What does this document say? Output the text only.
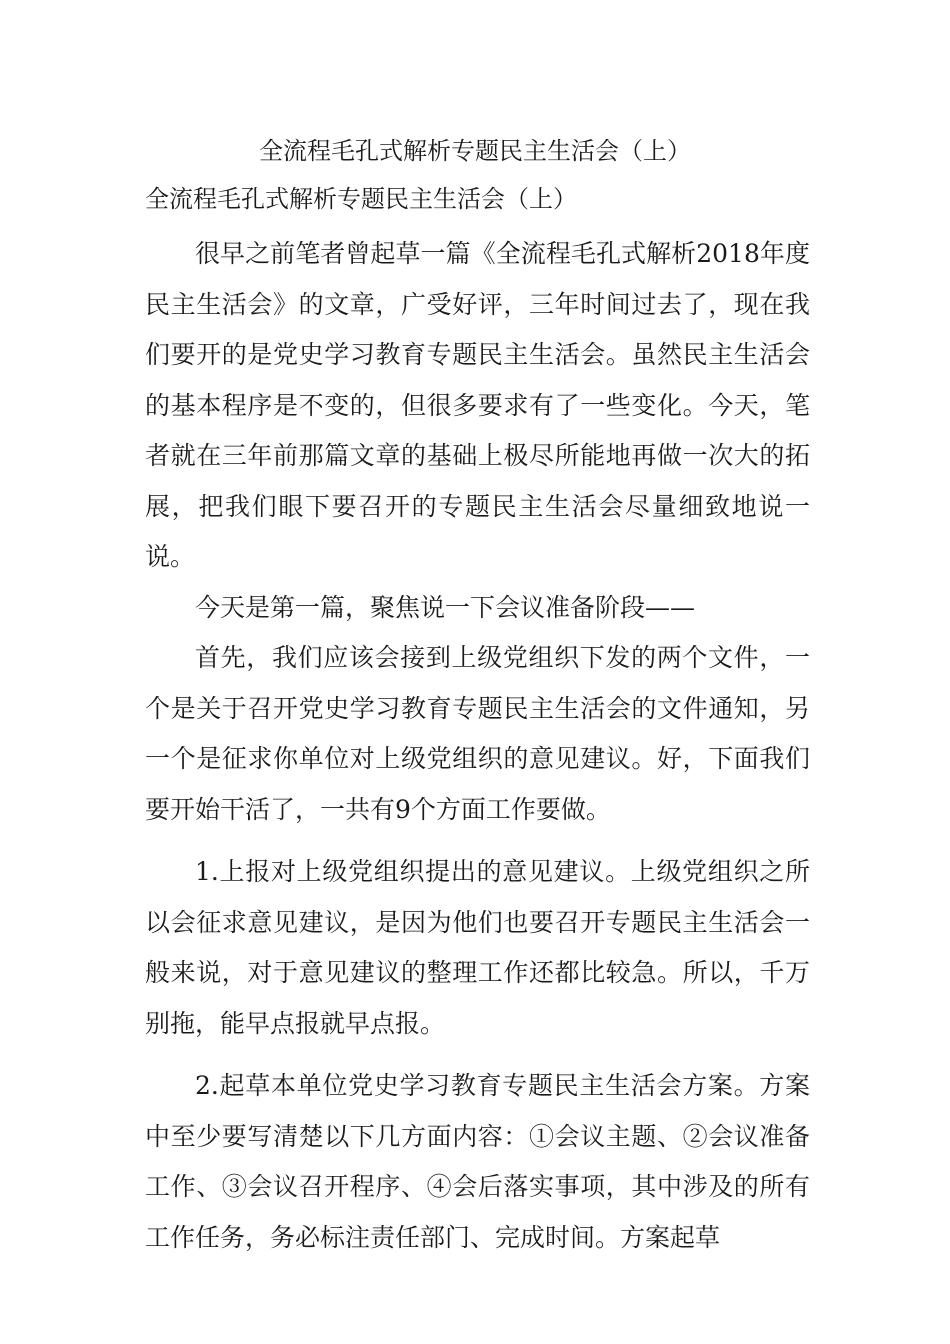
全流程毛孔式解析专题民主生活会（上）
全流程毛孔式解析专题民主生活会（上）

很早之前笔者曾起草一篇《全流程毛孔式解析2018年度民主生活会》的文章，广受好评，三年时间过去了，现在我们要开的是党史学习教育专题民主生活会。虽然民主生活会的基本程序是不变的，但很多要求有了一些变化。今天，笔者就在三年前那篇文章的基础上极尽所能地再做一次大的拓展，把我们眼下要召开的专题民主生活会尽量细致地说一说。

今天是第一篇，聚焦说一下会议准备阶段——

首先，我们应该会接到上级党组织下发的两个文件，一个是关于召开党史学习教育专题民主生活会的文件通知，另一个是征求你单位对上级党组织的意见建议。好，下面我们要开始干活了，一共有9个方面工作要做。

1.上报对上级党组织提出的意见建议。上级党组织之所以会征求意见建议，是因为他们也要召开专题民主生活会一般来说，对于意见建议的整理工作还都比较急。所以，千万别拖，能早点报就早点报。

2.起草本单位党史学习教育专题民主生活会方案。方案中至少要写清楚以下几方面内容：①会议主题、②会议准备工作、③会议召开程序、④会后落实事项，其中涉及的所有工作任务，务必标注责任部门、完成时间。方案起草
